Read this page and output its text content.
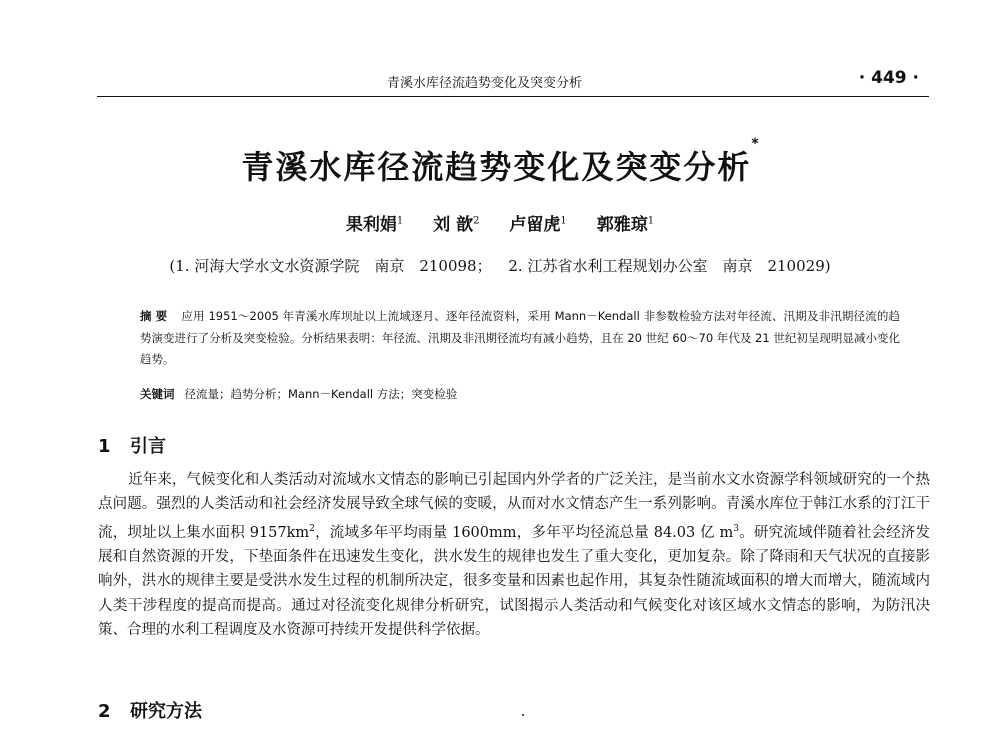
青溪水库径流趋势变化及突变分析	· 449 ·
青溪水库径流趋势变化及突变分析*
果利娟$^1$ 刘 歆$^2$ 卢留虎$^1$ 郭雅琼$^1$
(1. 河海大学水文水资源学院　南京　210098； 2. 江苏省水利工程规划办公室　南京　210029)
摘要 应用 1951～2005 年青溪水库坝址以上流域逐月、逐年径流资料，采用 Mann－Kendall 非参数检验方法对年径流、汛期及非汛期径流的趋势演变进行了分析及突变检验。分析结果表明：年径流、汛期及非汛期径流均有减小趋势，且在 20 世纪 60～70 年代及 21 世纪初呈现明显减小变化趋势。
关键词 径流量；趋势分析；Mann－Kendall 方法；突变检验
1 引言
近年来，气候变化和人类活动对流域水文情态的影响已引起国内外学者的广泛关注，是当前水文水资源学科领域研究的一个热点问题。强烈的人类活动和社会经济发展导致全球气候的变暖，从而对水文情态产生一系列影响。青溪水库位于韩江水系的汀江干流，坝址以上集水面积 $9157km^2$，流域多年平均雨量 1600mm，多年平均径流总量 84.03 亿 $m^3$。研究流域伴随着社会经济发展和自然资源的开发，下垫面条件在迅速发生变化，洪水发生的规律也发生了重大变化，更加复杂。除了降雨和天气状况的直接影响外，洪水的规律主要是受洪水发生过程的机制所决定，很多变量和因素也起作用，其复杂性随流域面积的增大而增大，随流域内人类干涉程度的提高而提高。通过对径流变化规律分析研究，试图揭示人类活动和气候变化对该区域水文情态的影响，为防汛决策、合理的水利工程调度及水资源可持续开发提供科学依据。
2 研究方法
